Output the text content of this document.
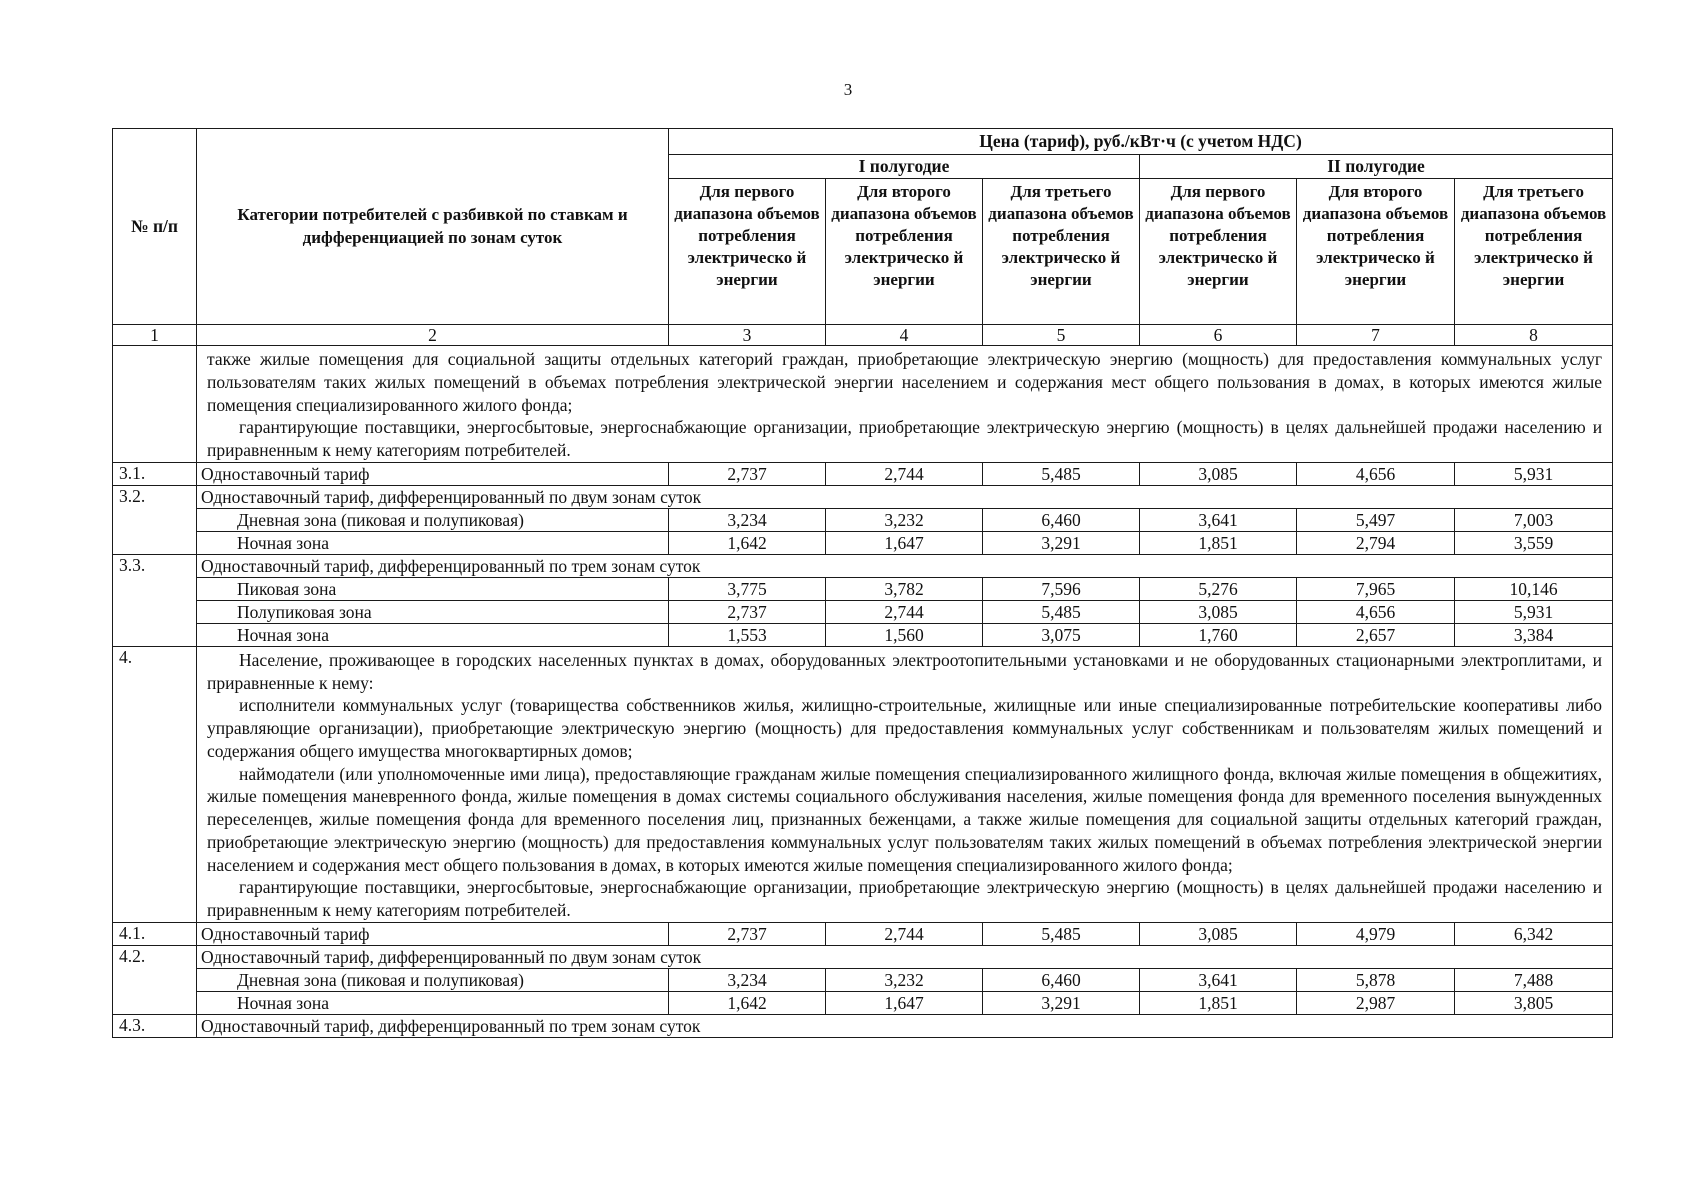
3
№ п/п	Категории потребителей с разбивкой по ставкам и дифференциацией по зонам суток	Цена (тариф), руб./кВт·ч (с учетом НДС)					
		I полугодие			II полугодие		
		Для первого диапазона объемов потребления электрическо й энергии	Для второго диапазона объемов потребления электрическо й энергии	Для третьего диапазона объемов потребления электрическо й энергии	Для первого диапазона объемов потребления электрическо й энергии	Для второго диапазона объемов потребления электрическо й энергии	Для третьего диапазона объемов потребления электрическо й энергии
1	2	3	4	5	6	7	8

	также жилые помещения для социальной защиты отдельных категорий граждан, приобретающие электрическую энергию (мощность) для предоставления коммунальных услуг пользователям таких жилых помещений в объемах потребления электрической энергии населением и содержания мест общего пользования в домах, в которых имеются жилые помещения специализированного жилого фонда;

гарантирующие поставщики, энергосбытовые, энергоснабжающие организации, приобретающие электрическую энергию (мощность) в целях дальнейшей продажи населению и приравненным к нему категориям потребителей.						

3.1.	Одноставочный тариф	2,737	2,744	5,485	3,085	4,656	5,931
3.2.	Одноставочный тариф, дифференцированный по двум зонам суток						
	Дневная зона (пиковая и полупиковая)	3,234	3,232	6,460	3,641	5,497	7,003
	Ночная зона	1,642	1,647	3,291	1,851	2,794	3,559
3.3.	Одноставочный тариф, дифференцированный по трем зонам суток						
	Пиковая зона	3,775	3,782	7,596	5,276	7,965	10,146
	Полупиковая зона	2,737	2,744	5,485	3,085	4,656	5,931
	Ночная зона	1,553	1,560	3,075	1,760	2,657	3,384
4.	Население, проживающее в городских населенных пунктах в домах, оборудованных электроотопительными установками и не оборудованных стационарными электроплитами, и приравненные к нему:

исполнители коммунальных услуг (товарищества собственников жилья, жилищно-строительные, жилищные или иные специализированные потребительские кооперативы либо управляющие организации), приобретающие электрическую энергию (мощность) для предоставления коммунальных услуг собственникам и пользователям жилых помещений и содержания общего имущества многоквартирных домов;

наймодатели (или уполномоченные ими лица), предоставляющие гражданам жилые помещения специализированного жилищного фонда, включая жилые помещения в общежитиях, жилые помещения маневренного фонда, жилые помещения в домах системы социального обслуживания населения, жилые помещения фонда для временного поселения вынужденных переселенцев, жилые помещения фонда для временного поселения лиц, признанных беженцами, а также жилые помещения для социальной защиты отдельных категорий граждан, приобретающие электрическую энергию (мощность) для предоставления коммунальных услуг пользователям таких жилых помещений в объемах потребления электрической энергии населением и содержания мест общего пользования в домах, в которых имеются жилые помещения специализированного жилого фонда;

гарантирующие поставщики, энергосбытовые, энергоснабжающие организации, приобретающие электрическую энергию (мощность) в целях дальнейшей продажи населению и приравненным к нему категориям потребителей.						

4.1.	Одноставочный тариф	2,737	2,744	5,485	3,085	4,979	6,342
4.2.	Одноставочный тариф, дифференцированный по двум зонам суток						
	Дневная зона (пиковая и полупиковая)	3,234	3,232	6,460	3,641	5,878	7,488
	Ночная зона	1,642	1,647	3,291	1,851	2,987	3,805
4.3.	Одноставочный тариф, дифференцированный по трем зонам суток						
